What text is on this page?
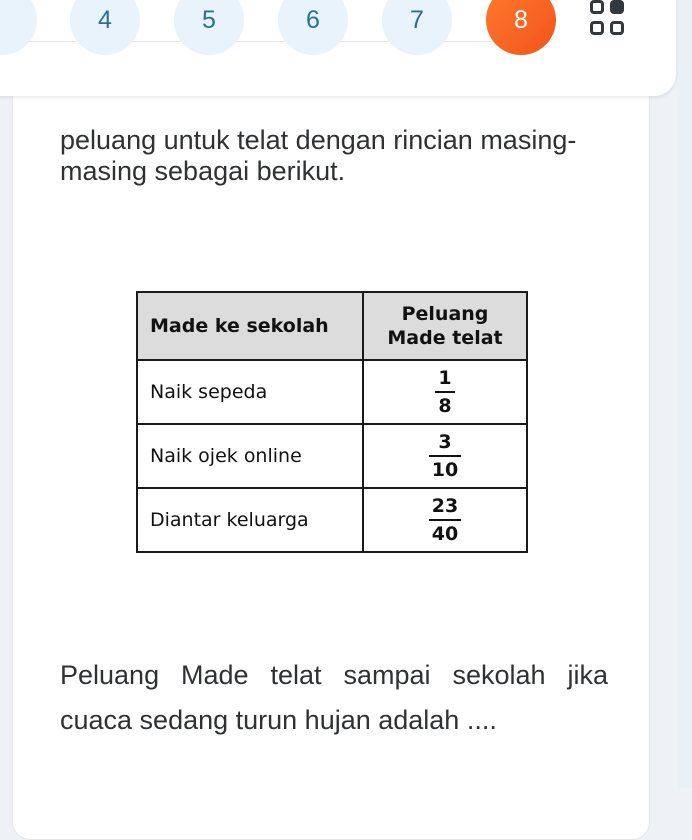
peluang untuk telat dengan rincian masing-masing sebagai berikut.

Made ke sekolah	Peluang Made telat
Naik sepeda	$\frac{1}{8}$

Naik ojek online	$\frac{3}{10}$

Diantar keluarga	$\frac{23}{40}$

Peluang Made telat sampai sekolah jika cuaca sedang turun hujan adalah ....

4	5	6	7	8
